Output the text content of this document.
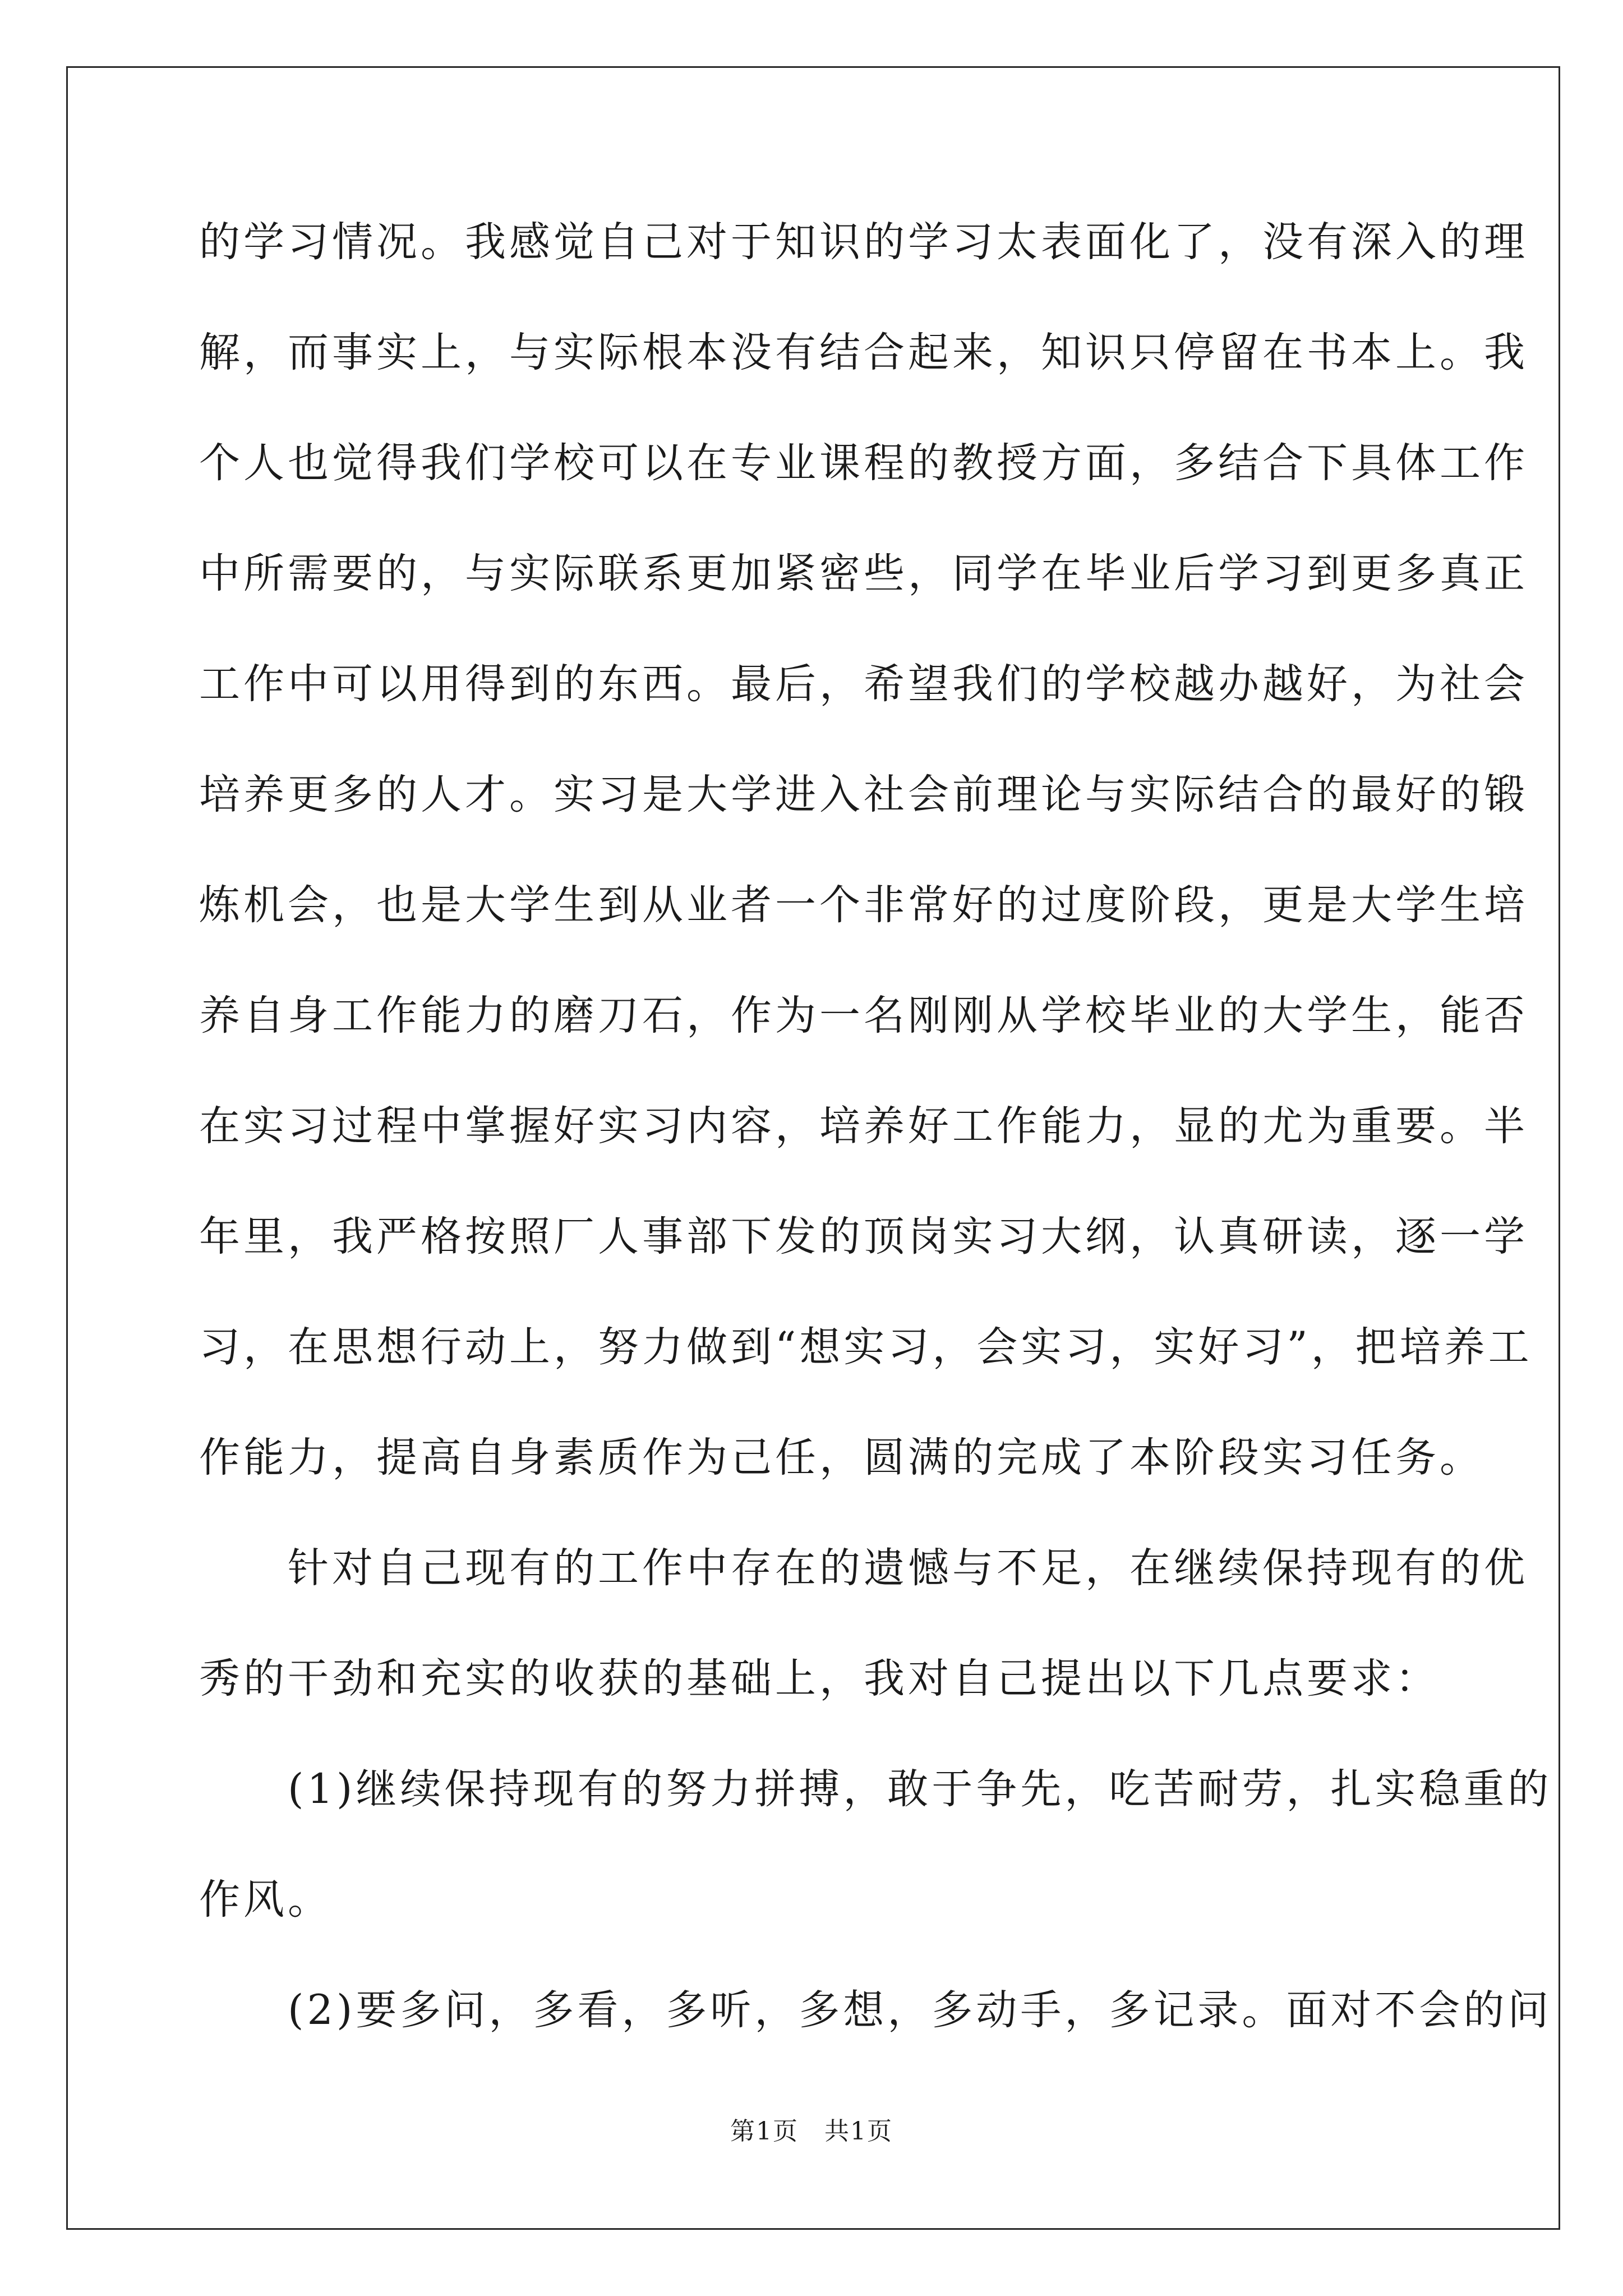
的学习情况。我感觉自己对于知识的学习太表面化了，没有深入的理
解，而事实上，与实际根本没有结合起来，知识只停留在书本上。我
个人也觉得我们学校可以在专业课程的教授方面，多结合下具体工作
中所需要的，与实际联系更加紧密些，同学在毕业后学习到更多真正
工作中可以用得到的东西。最后，希望我们的学校越办越好，为社会
培养更多的人才。实习是大学进入社会前理论与实际结合的最好的锻
炼机会，也是大学生到从业者一个非常好的过度阶段，更是大学生培
养自身工作能力的磨刀石，作为一名刚刚从学校毕业的大学生，能否
在实习过程中掌握好实习内容，培养好工作能力，显的尤为重要。半
年里，我严格按照厂人事部下发的顶岗实习大纲，认真研读，逐一学
习，在思想行动上，努力做到“想实习，会实习，实好习”，把培养工
作能力，提高自身素质作为己任，圆满的完成了本阶段实习任务。
　　针对自己现有的工作中存在的遗憾与不足，在继续保持现有的优
秀的干劲和充实的收获的基础上，我对自己提出以下几点要求：
　　(1)继续保持现有的努力拼搏，敢于争先，吃苦耐劳，扎实稳重的
作风。
　　(2)要多问，多看，多听，多想，多动手，多记录。面对不会的问
第1页　共1页
